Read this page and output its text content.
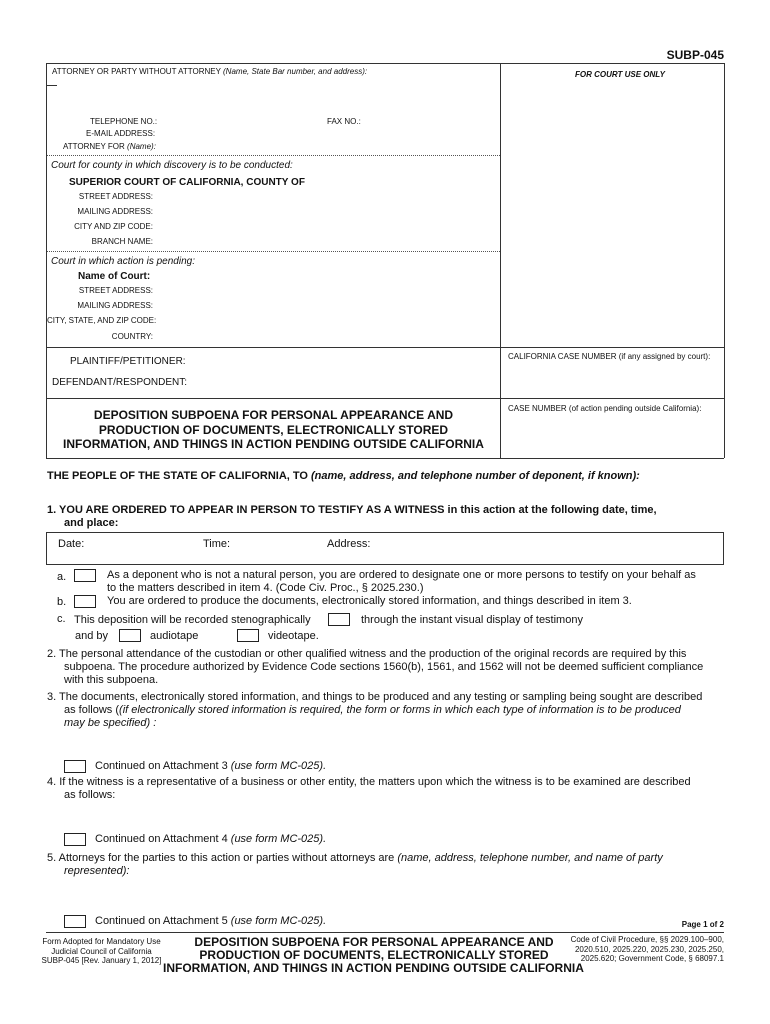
SUBP-045
ATTORNEY OR PARTY WITHOUT ATTORNEY (Name, State Bar number, and address):	FOR COURT USE ONLY
TELEPHONE NO.:	FAX NO.:
E-MAIL ADDRESS:
ATTORNEY FOR (Name):
Court for county in which discovery is to be conducted:
SUPERIOR COURT OF CALIFORNIA, COUNTY OF
STREET ADDRESS:
MAILING ADDRESS:
CITY AND ZIP CODE:
BRANCH NAME:
Court in which action is pending:
Name of Court:
STREET ADDRESS:
MAILING ADDRESS:
CITY, STATE, AND ZIP CODE:
COUNTRY:
PLAINTIFF/PETITIONER:
DEFENDANT/RESPONDENT:
CALIFORNIA CASE NUMBER (if any assigned by court):
DEPOSITION SUBPOENA FOR PERSONAL APPEARANCE AND
PRODUCTION OF DOCUMENTS, ELECTRONICALLY STORED
INFORMATION, AND THINGS IN ACTION PENDING OUTSIDE CALIFORNIA
CASE NUMBER (of action pending outside California):
THE PEOPLE OF THE STATE OF CALIFORNIA, TO (name, address, and telephone number of deponent, if known):
1. YOU ARE ORDERED TO APPEAR IN PERSON TO TESTIFY AS A WITNESS in this action at the following date, time,
and place:
Date:	Time:	Address:
a.	As a deponent who is not a natural person, you are ordered to designate one or more persons to testify on your behalf as
to the matters described in item 4. (Code Civ. Proc., § 2025.230.)
b.	You are ordered to produce the documents, electronically stored information, and things described in item 3.
c. This deposition will be recorded stenographically	through the instant visual display of testimony
and by	audiotape	videotape.
2. The personal attendance of the custodian or other qualified witness and the production of the original records are required by this
subpoena. The procedure authorized by Evidence Code sections 1560(b), 1561, and 1562 will not be deemed sufficient compliance
with this subpoena.
3. The documents, electronically stored information, and things to be produced and any testing or sampling being sought are described
as follows ((if electronically stored information is required, the form or forms in which each type of information is to be produced
may be specified) :
Continued on Attachment 3 (use form MC-025).
4. If the witness is a representative of a business or other entity, the matters upon which the witness is to be examined are described
as follows:
Continued on Attachment 4 (use form MC-025).
5. Attorneys for the parties to this action or parties without attorneys are (name, address, telephone number, and name of party
represented):
Continued on Attachment 5 (use form MC-025).	Page 1 of 2
Form Adopted for Mandatory Use
Judicial Council of California
SUBP-045 [Rev. January 1, 2012]
DEPOSITION SUBPOENA FOR PERSONAL APPEARANCE AND
PRODUCTION OF DOCUMENTS, ELECTRONICALLY STORED
INFORMATION, AND THINGS IN ACTION PENDING OUTSIDE CALIFORNIA
Code of Civil Procedure, §§ 2029.100–900,
2020.510, 2025.220, 2025.230, 2025.250,
2025.620; Government Code, § 68097.1
